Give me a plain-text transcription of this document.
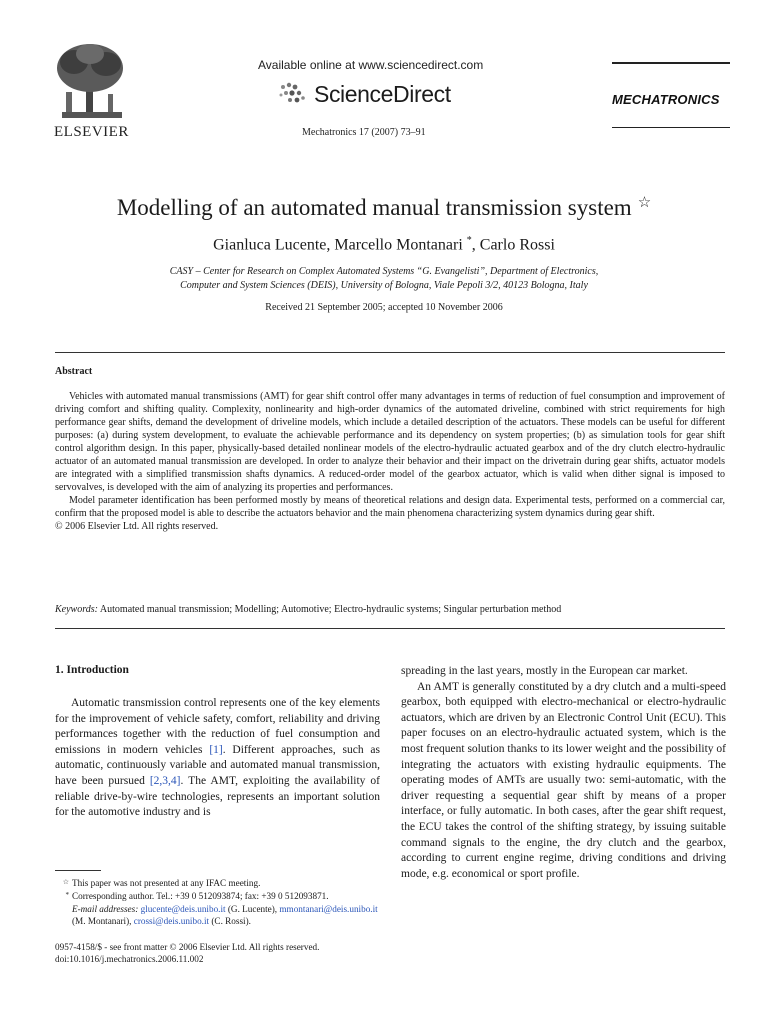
ELSEVIER
Available online at www.sciencedirect.com
ScienceDirect
Mechatronics 17 (2007) 73–91
MECHATRONICS
Modelling of an automated manual transmission system ☆
Gianluca Lucente, Marcello Montanari *, Carlo Rossi
CASY – Center for Research on Complex Automated Systems “G. Evangelisti”, Department of Electronics,
Computer and System Sciences (DEIS), University of Bologna, Viale Pepoli 3/2, 40123 Bologna, Italy
Received 21 September 2005; accepted 10 November 2006
Abstract

Vehicles with automated manual transmissions (AMT) for gear shift control offer many advantages in terms of reduction of fuel consumption and improvement of driving comfort and shifting quality. Complexity, nonlinearity and high-order dynamics of the automated driveline, combined with strict requirements for high performance gear shifts, demand the development of driveline models, which include a detailed description of the actuators. These models can be useful for different purposes: (a) during system development, to evaluate the achievable performance and its dependency on system properties; (b) as simulation tools for gear shift control algorithm design. In this paper, physically-based detailed nonlinear models of the electro-hydraulic actuated gearbox and of the dry clutch electro-hydraulic actuator of an automated manual transmission are developed. In order to analyze their behavior and their impact on the drivetrain during gear shifts, actuator models are integrated with a simplified transmission shafts dynamics. A reduced-order model of the gearbox actuator, which is valid when dither signal is imposed to servovalves, is developed with the aim of analyzing its properties and performances.

Model parameter identification has been performed mostly by means of theoretical relations and design data. Experimental tests, performed on a commercial car, confirm that the proposed model is able to describe the actuators behavior and the main phenomena characterizing system dynamics during gear shift.

© 2006 Elsevier Ltd. All rights reserved.

Keywords: Automated manual transmission; Modelling; Automotive; Electro-hydraulic systems; Singular perturbation method
1. Introduction

Automatic transmission control represents one of the key elements for the improvement of vehicle safety, comfort, reliability and driving performances together with the reduction of fuel consumption and emissions in modern vehicles [1]. Different approaches, such as automatic, continuously variable and automated manual transmission, have been pursued [2,3,4]. The AMT, exploiting the availability of reliable drive-by-wire technologies, represents an important solution for the automotive industry and is

spreading in the last years, mostly in the European car market.

An AMT is generally constituted by a dry clutch and a multi-speed gearbox, both equipped with electro-mechanical or electro-hydraulic actuators, which are driven by an Electronic Control Unit (ECU). This paper focuses on an electro-hydraulic actuated system, which is the most frequent solution thanks to its lower weight and the possibility of integrating the actuators with existing hydraulic equipments. The operating modes of AMTs are usually two: semi-automatic, with the driver requesting a sequential gear shift by means of a proper interface, or fully automatic. In both cases, after the gear shift request, the ECU takes the control of the shifting strategy, by issuing suitable command signals to the engine, the dry clutch and the gearbox, according to current engine regime, driving conditions and driving mode, e.g. economical or sport profile.

☆ This paper was not presented at any IFAC meeting.
* Corresponding author. Tel.: +39 0 512093874; fax: +39 0 512093871.
E-mail addresses: glucente@deis.unibo.it (G. Lucente), mmontanari@deis.unibo.it (M. Montanari), crossi@deis.unibo.it (C. Rossi).
0957-4158/$ - see front matter © 2006 Elsevier Ltd. All rights reserved.
doi:10.1016/j.mechatronics.2006.11.002
